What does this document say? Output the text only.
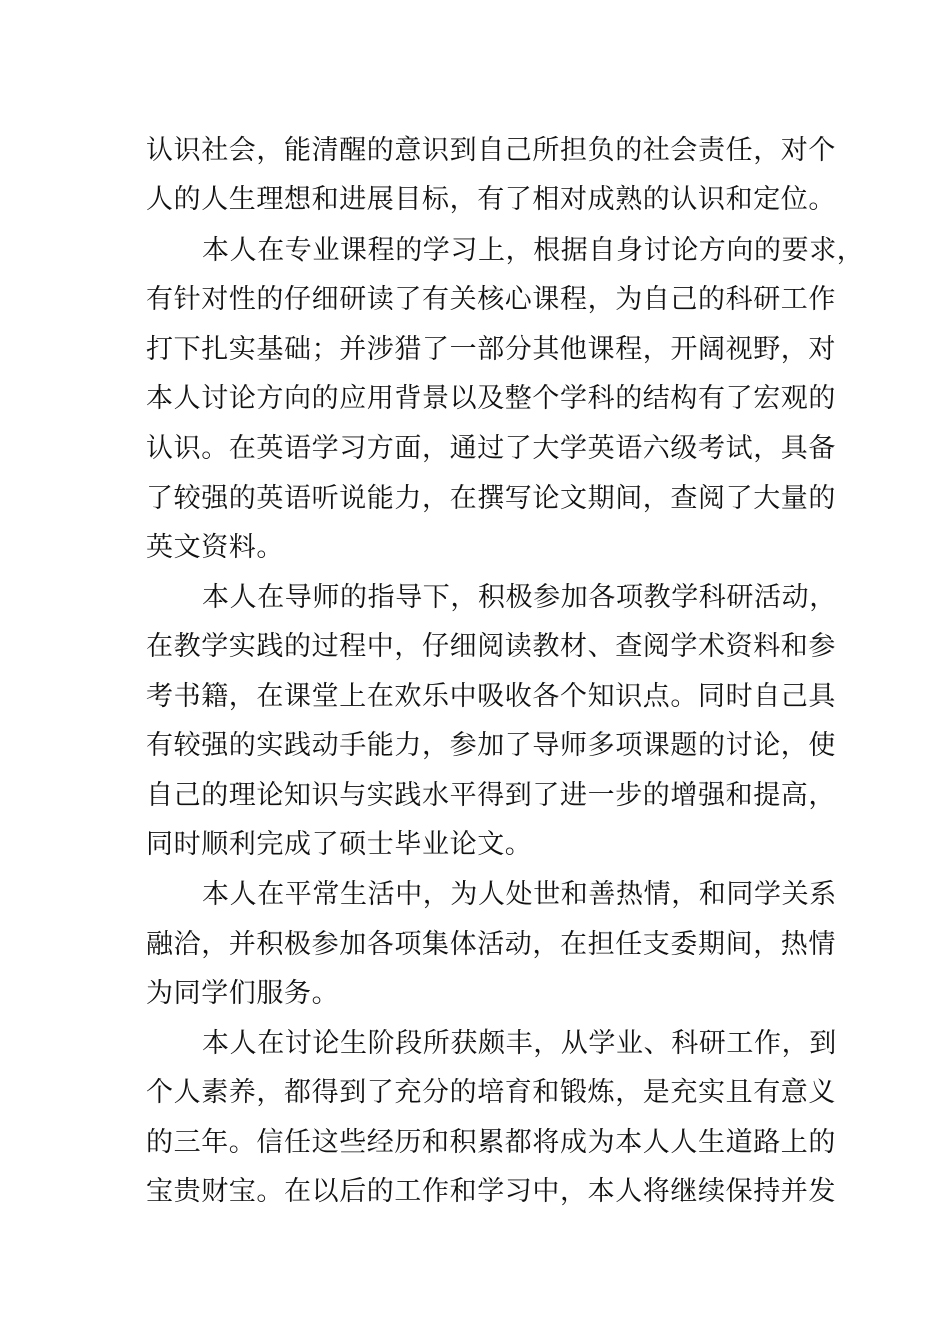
认识社会，能清醒的意识到自己所担负的社会责任，对个
人的人生理想和进展目标，有了相对成熟的认识和定位。
本人在专业课程的学习上，根据自身讨论方向的要求，
有针对性的仔细研读了有关核心课程，为自己的科研工作
打下扎实基础；并涉猎了一部分其他课程，开阔视野，对
本人讨论方向的应用背景以及整个学科的结构有了宏观的
认识。在英语学习方面，通过了大学英语六级考试，具备
了较强的英语听说能力，在撰写论文期间，查阅了大量的
英文资料。
本人在导师的指导下，积极参加各项教学科研活动，
在教学实践的过程中，仔细阅读教材、查阅学术资料和参
考书籍，在课堂上在欢乐中吸收各个知识点。同时自己具
有较强的实践动手能力，参加了导师多项课题的讨论，使
自己的理论知识与实践水平得到了进一步的增强和提高，
同时顺利完成了硕士毕业论文。
本人在平常生活中，为人处世和善热情，和同学关系
融洽，并积极参加各项集体活动，在担任支委期间，热情
为同学们服务。
本人在讨论生阶段所获颇丰，从学业、科研工作，到
个人素养，都得到了充分的培育和锻炼，是充实且有意义
的三年。信任这些经历和积累都将成为本人人生道路上的
宝贵财宝。在以后的工作和学习中，本人将继续保持并发
